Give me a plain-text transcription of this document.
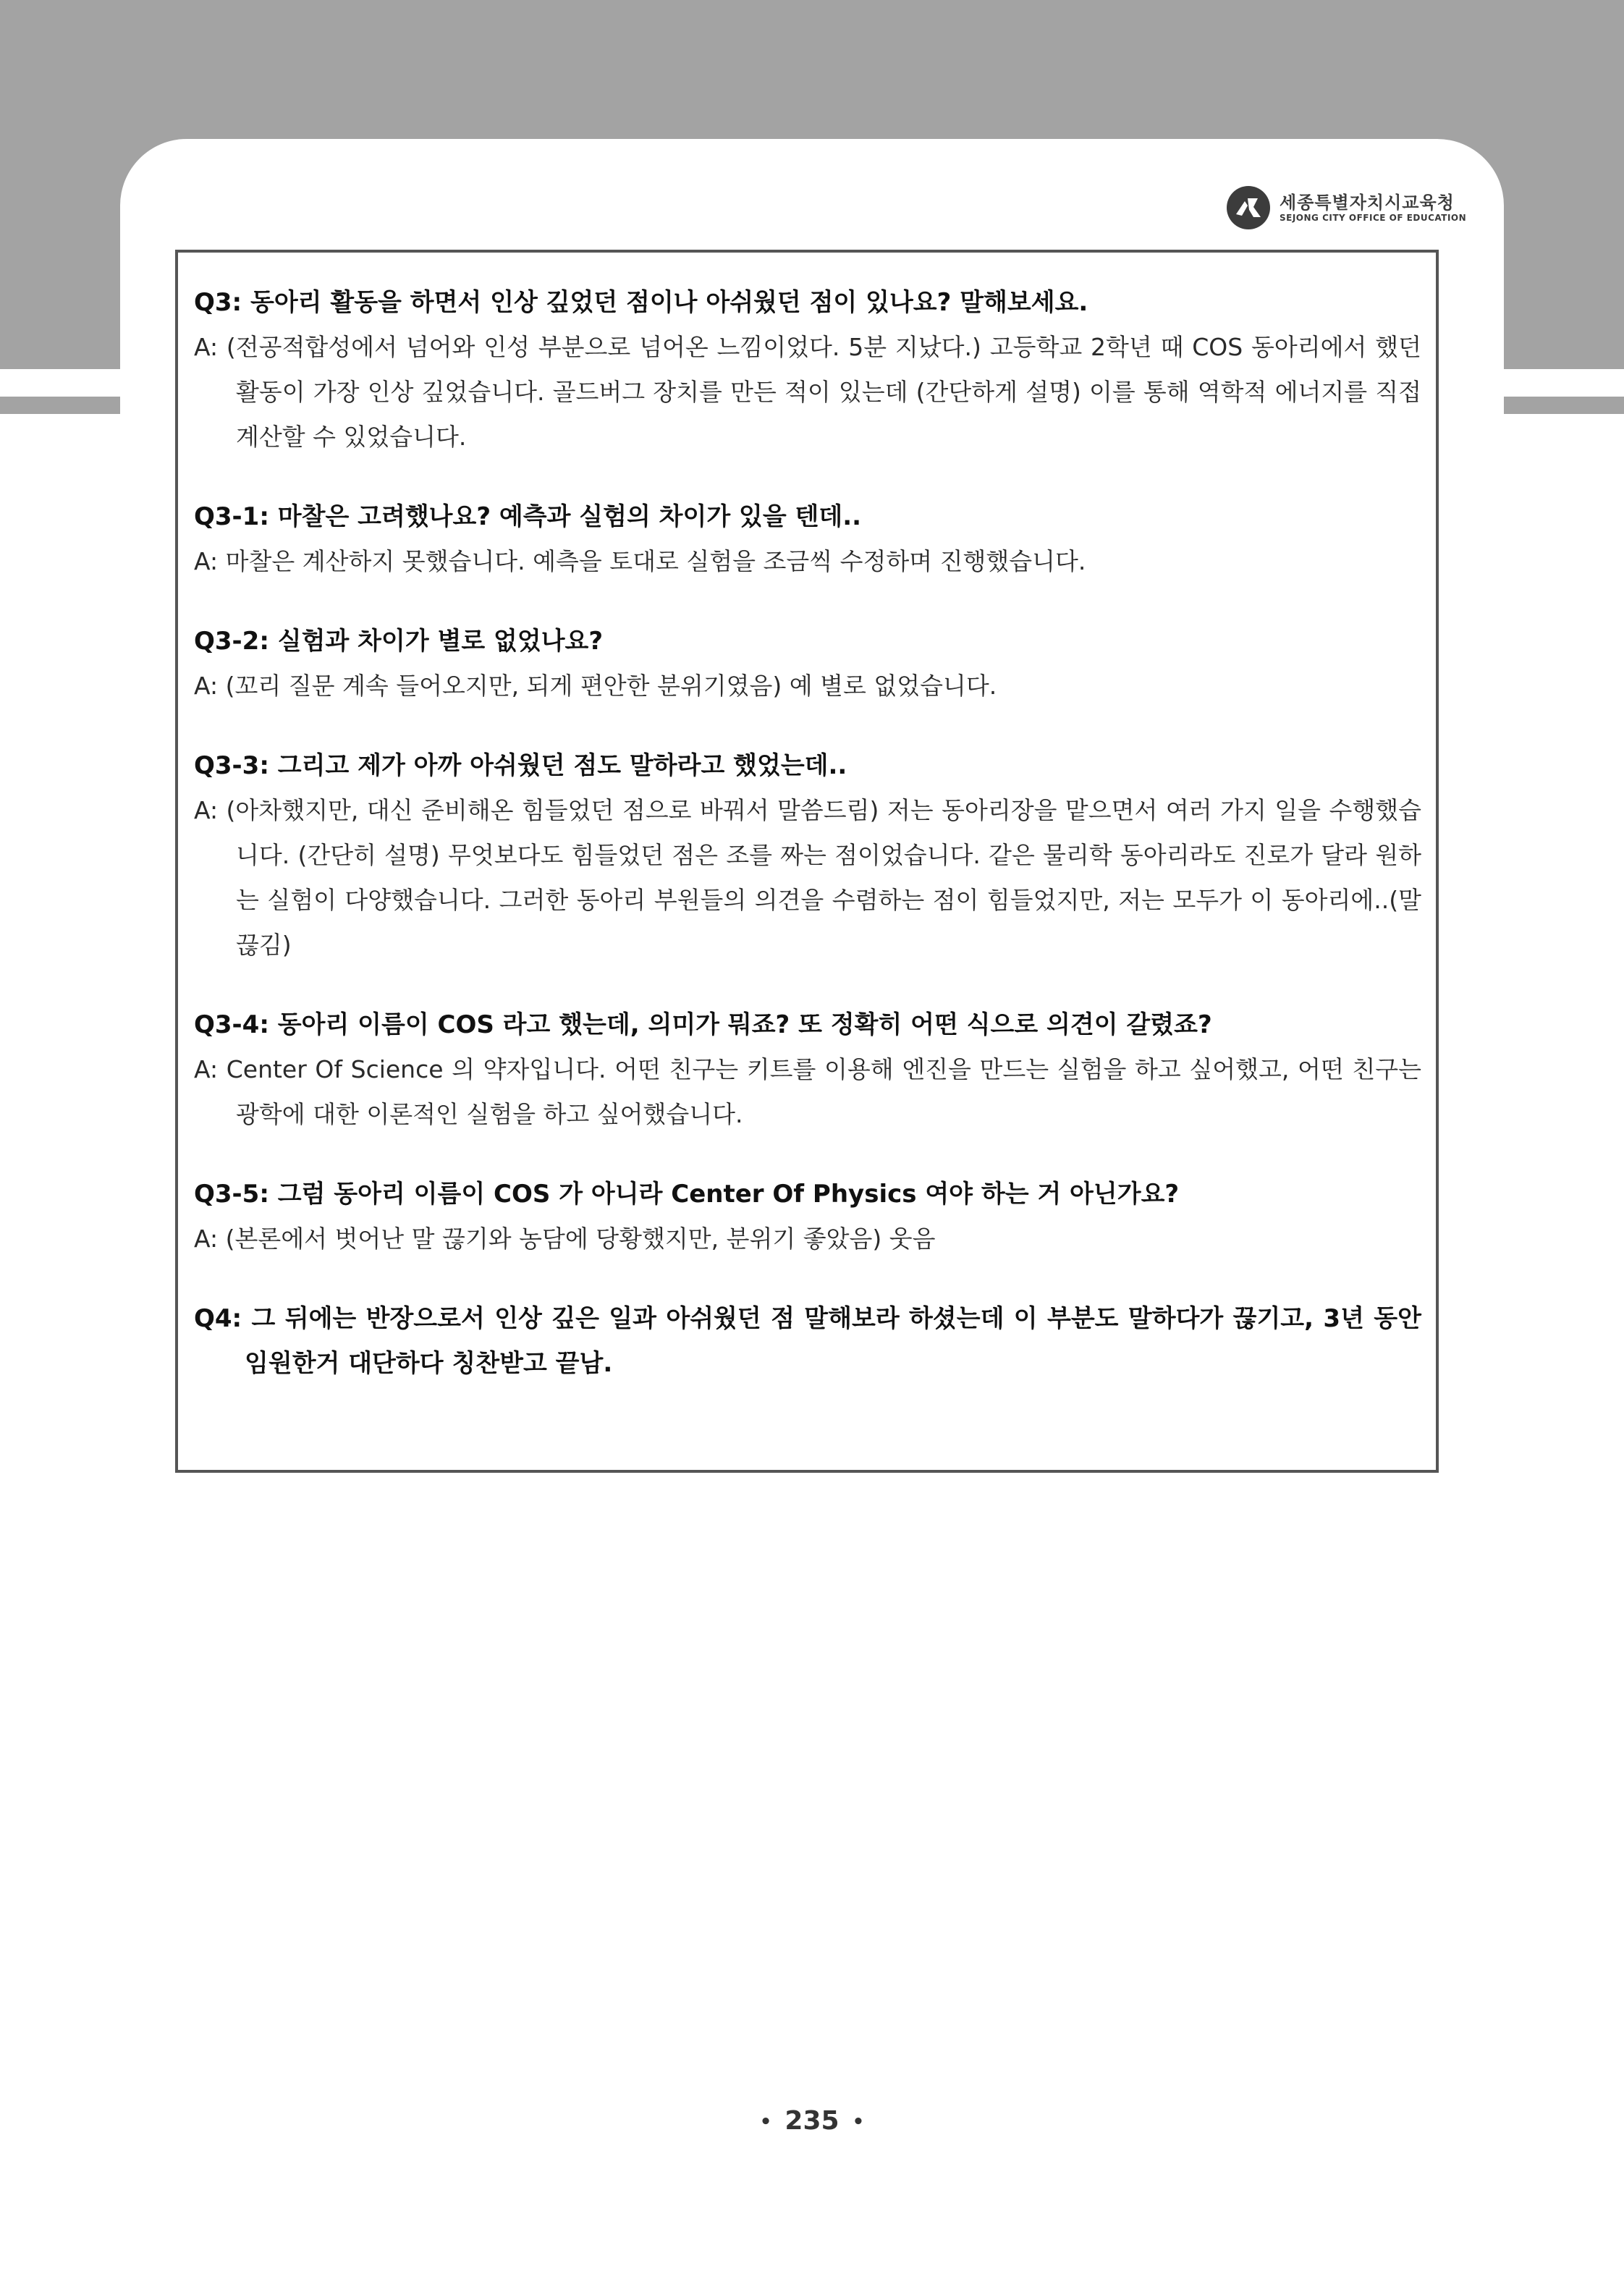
세종특별자치시교육청
SEJONG CITY OFFICE OF EDUCATION

Q3: 동아리 활동을 하면서 인상 깊었던 점이나 아쉬웠던 점이 있나요? 말해보세요.

A: (전공적합성에서 넘어와 인성 부분으로 넘어온 느낌이었다. 5분 지났다.) 고등학교 2학년 때 COS 동아리에서 했던 활동이 가장 인상 깊었습니다. 골드버그 장치를 만든 적이 있는데 (간단하게 설명) 이를 통해 역학적 에너지를 직접 계산할 수 있었습니다.

Q3-1: 마찰은 고려했나요? 예측과 실험의 차이가 있을 텐데..

A: 마찰은 계산하지 못했습니다. 예측을 토대로 실험을 조금씩 수정하며 진행했습니다.

Q3-2: 실험과 차이가 별로 없었나요?

A: (꼬리 질문 계속 들어오지만, 되게 편안한 분위기였음) 예 별로 없었습니다.

Q3-3: 그리고 제가 아까 아쉬웠던 점도 말하라고 했었는데..

A: (아차했지만, 대신 준비해온 힘들었던 점으로 바꿔서 말씀드림) 저는 동아리장을 맡으면서 여러 가지 일을 수행했습니다. (간단히 설명) 무엇보다도 힘들었던 점은 조를 짜는 점이었습니다. 같은 물리학 동아리라도 진로가 달라 원하는 실험이 다양했습니다. 그러한 동아리 부원들의 의견을 수렴하는 점이 힘들었지만, 저는 모두가 이 동아리에..(말 끊김)

Q3-4: 동아리 이름이 COS 라고 했는데, 의미가 뭐죠? 또 정확히 어떤 식으로 의견이 갈렸죠?

A: Center Of Science 의 약자입니다. 어떤 친구는 키트를 이용해 엔진을 만드는 실험을 하고 싶어했고, 어떤 친구는 광학에 대한 이론적인 실험을 하고 싶어했습니다.

Q3-5: 그럼 동아리 이름이 COS 가 아니라 Center Of Physics 여야 하는 거 아닌가요?

A: (본론에서 벗어난 말 끊기와 농담에 당황했지만, 분위기 좋았음) 웃음

Q4: 그 뒤에는 반장으로서 인상 깊은 일과 아쉬웠던 점 말해보라 하셨는데 이 부분도 말하다가 끊기고, 3년 동안 임원한거 대단하다 칭찬받고 끝남.

• 235 •
